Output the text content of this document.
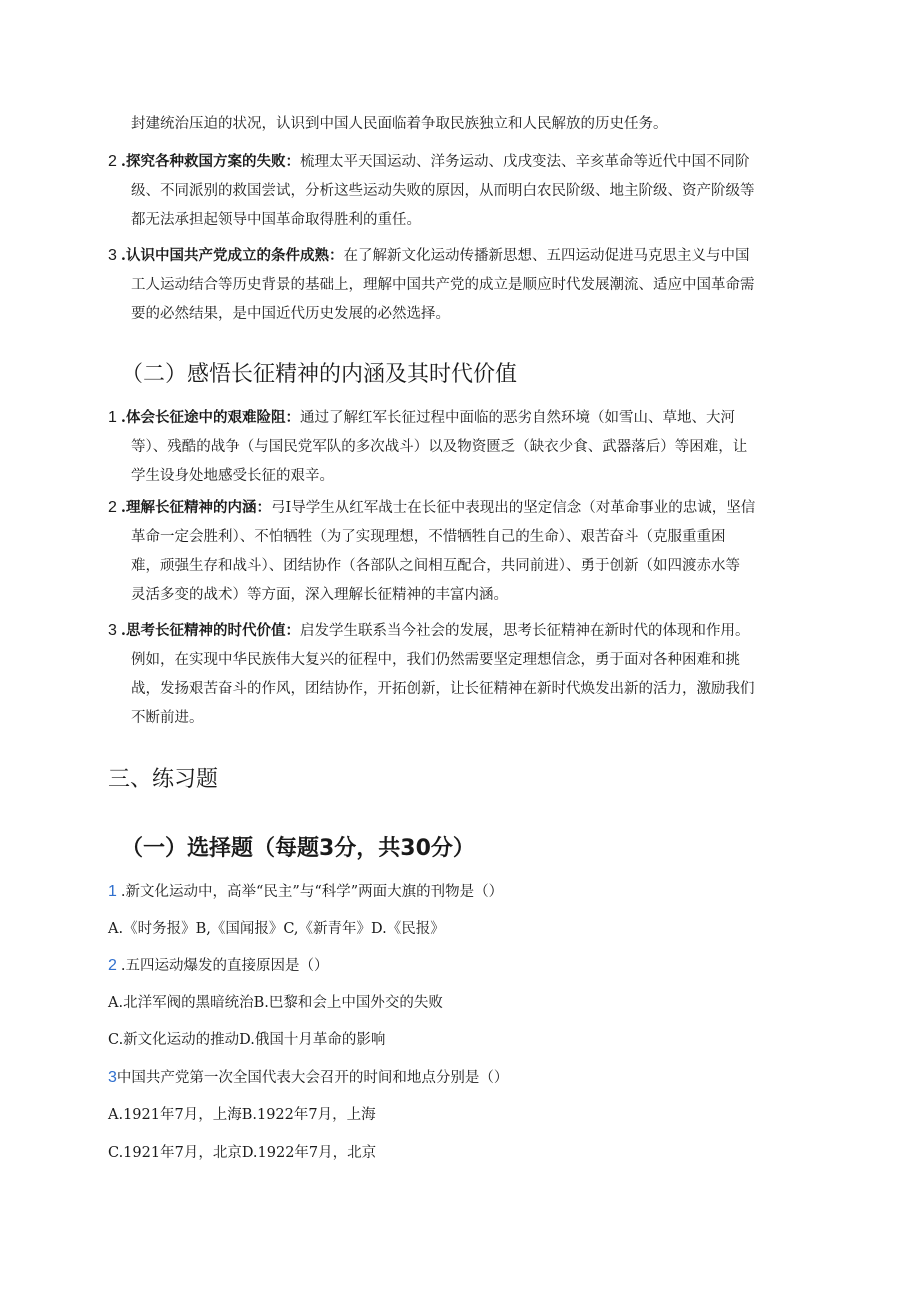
封建统治压迫的状况，认识到中国人民面临着争取民族独立和人民解放的历史任务。
2 .探究各种救国方案的失败：梳理太平天国运动、洋务运动、戊戌变法、辛亥革命等近代中国不同阶
级、不同派别的救国尝试，分析这些运动失败的原因，从而明白农民阶级、地主阶级、资产阶级等
都无法承担起领导中国革命取得胜利的重任。
3 .认识中国共产党成立的条件成熟：在了解新文化运动传播新思想、五四运动促进马克思主义与中国
工人运动结合等历史背景的基础上，理解中国共产党的成立是顺应时代发展潮流、适应中国革命需
要的必然结果，是中国近代历史发展的必然选择。
（二）感悟长征精神的内涵及其时代价值
1 .体会长征途中的艰难险阻：通过了解红军长征过程中面临的恶劣自然环境（如雪山、草地、大河
等）、残酷的战争（与国民党军队的多次战斗）以及物资匮乏（缺衣少食、武器落后）等困难，让
学生设身处地感受长征的艰辛。
2 .理解长征精神的内涵：弓I导学生从红军战士在长征中表现出的坚定信念（对革命事业的忠诚，坚信
革命一定会胜利）、不怕牺牲（为了实现理想，不惜牺牲自己的生命）、艰苦奋斗（克服重重困
难，顽强生存和战斗）、团结协作（各部队之间相互配合，共同前进）、勇于创新（如四渡赤水等
灵活多变的战术）等方面，深入理解长征精神的丰富内涵。
3 .思考长征精神的时代价值：启发学生联系当今社会的发展，思考长征精神在新时代的体现和作用。
例如，在实现中华民族伟大复兴的征程中，我们仍然需要坚定理想信念，勇于面对各种困难和挑
战，发扬艰苦奋斗的作风，团结协作，开拓创新，让长征精神在新时代焕发出新的活力，激励我们
不断前进。
三、练习题
（一）选择题（每题3分，共30分）
1 .新文化运动中，高举“民主”与“科学”两面大旗的刊物是（）
A.《时务报》B,《国闻报》C,《新青年》D.《民报》
2 .五四运动爆发的直接原因是（）
A.北洋军阀的黑暗统治B.巴黎和会上中国外交的失败
C.新文化运动的推动D.俄国十月革命的影响
3中国共产党第一次全国代表大会召开的时间和地点分别是（）
A.1921年7月，上海B.1922年7月，上海
C.1921年7月，北京D.1922年7月，北京
